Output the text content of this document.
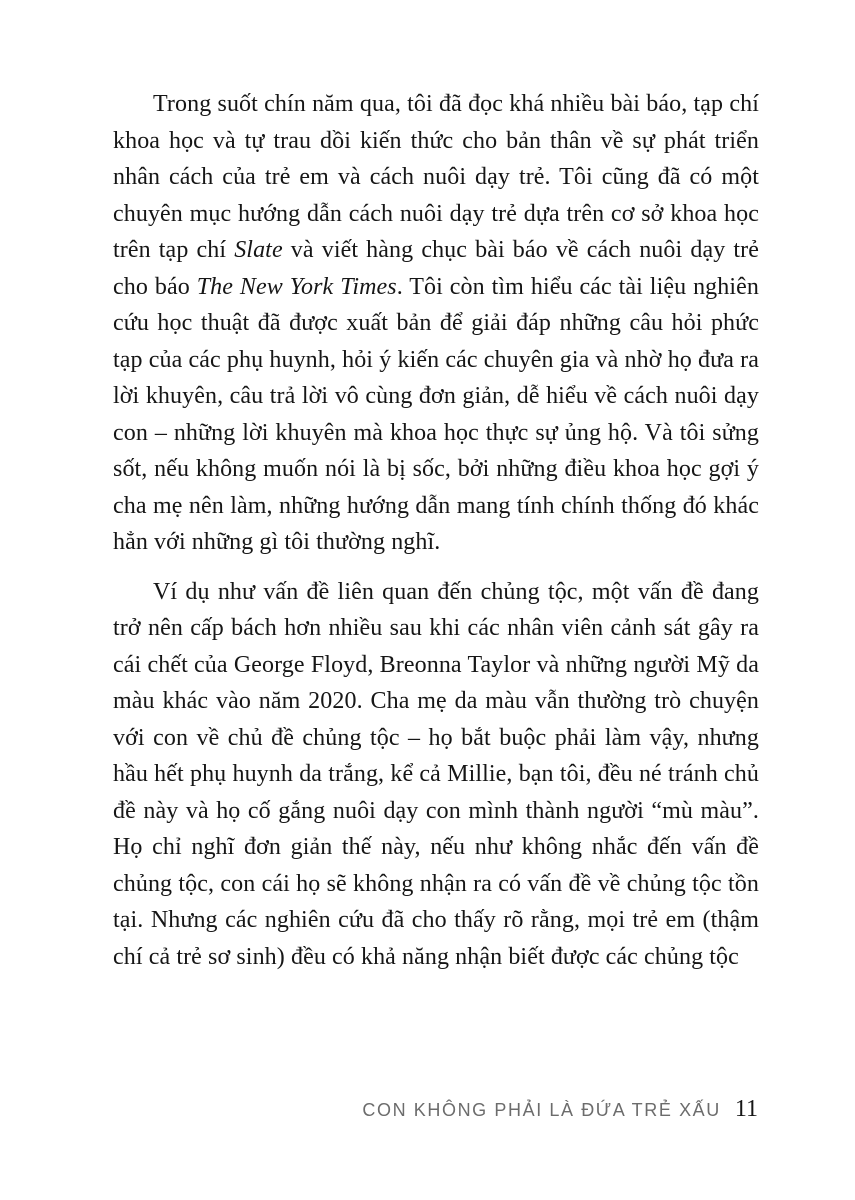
Trong suốt chín năm qua, tôi đã đọc khá nhiều bài báo, tạp chí khoa học và tự trau dồi kiến thức cho bản thân về sự phát triển nhân cách của trẻ em và cách nuôi dạy trẻ. Tôi cũng đã có một chuyên mục hướng dẫn cách nuôi dạy trẻ dựa trên cơ sở khoa học trên tạp chí Slate và viết hàng chục bài báo về cách nuôi dạy trẻ cho báo The New York Times. Tôi còn tìm hiểu các tài liệu nghiên cứu học thuật đã được xuất bản để giải đáp những câu hỏi phức tạp của các phụ huynh, hỏi ý kiến các chuyên gia và nhờ họ đưa ra lời khuyên, câu trả lời vô cùng đơn giản, dễ hiểu về cách nuôi dạy con – những lời khuyên mà khoa học thực sự ủng hộ. Và tôi sửng sốt, nếu không muốn nói là bị sốc, bởi những điều khoa học gợi ý cha mẹ nên làm, những hướng dẫn mang tính chính thống đó khác hẳn với những gì tôi thường nghĩ.

Ví dụ như vấn đề liên quan đến chủng tộc, một vấn đề đang trở nên cấp bách hơn nhiều sau khi các nhân viên cảnh sát gây ra cái chết của George Floyd, Breonna Taylor và những người Mỹ da màu khác vào năm 2020. Cha mẹ da màu vẫn thường trò chuyện với con về chủ đề chủng tộc – họ bắt buộc phải làm vậy, nhưng hầu hết phụ huynh da trắng, kể cả Millie, bạn tôi, đều né tránh chủ đề này và họ cố gắng nuôi dạy con mình thành người “mù màu”. Họ chỉ nghĩ đơn giản thế này, nếu như không nhắc đến vấn đề chủng tộc, con cái họ sẽ không nhận ra có vấn đề về chủng tộc tồn tại. Nhưng các nghiên cứu đã cho thấy rõ rằng, mọi trẻ em (thậm chí cả trẻ sơ sinh) đều có khả năng nhận biết được các chủng tộc

CON KHÔNG PHẢI LÀ ĐỨA TRẺ XẤU 11
